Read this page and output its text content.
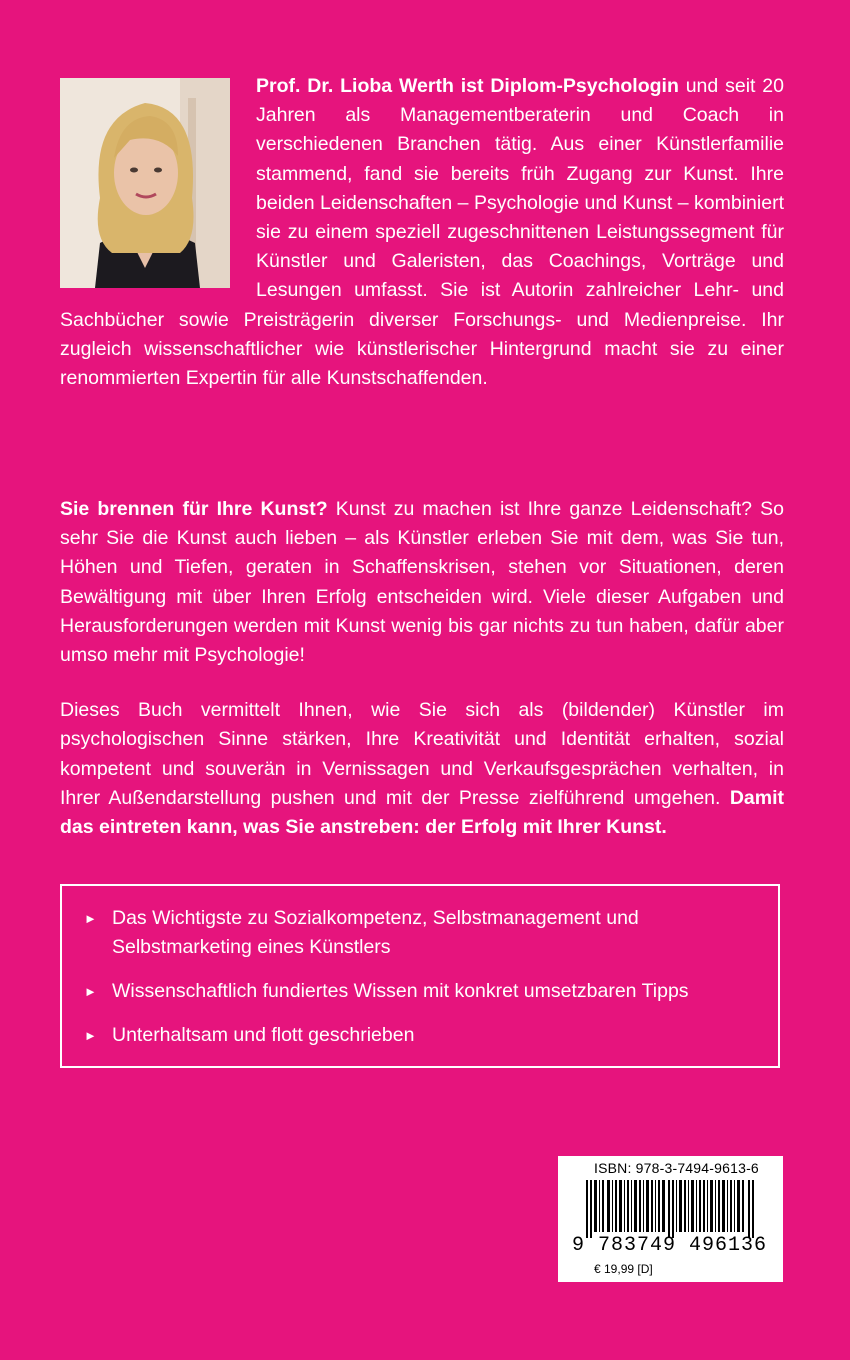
Prof. Dr. Lioba Werth ist Diplom-Psychologin und seit 20 Jahren als Managementberaterin und Coach in verschiedenen Branchen tätig. Aus einer Künstlerfamilie stammend, fand sie bereits früh Zugang zur Kunst. Ihre beiden Leidenschaften – Psychologie und Kunst – kombiniert sie zu einem speziell zugeschnittenen Leistungssegment für Künstler und Galeristen, das Coachings, Vorträge und Lesungen umfasst. Sie ist Autorin zahlreicher Lehr- und Sachbücher sowie Preisträgerin diverser Forschungs- und Medienpreise. Ihr zugleich wissenschaftlicher wie künstlerischer Hintergrund macht sie zu einer renommierten Expertin für alle Kunstschaffenden.

Sie brennen für Ihre Kunst? Kunst zu machen ist Ihre ganze Leidenschaft? So sehr Sie die Kunst auch lieben – als Künstler erleben Sie mit dem, was Sie tun, Höhen und Tiefen, geraten in Schaffenskrisen, stehen vor Situationen, deren Bewältigung mit über Ihren Erfolg entscheiden wird. Viele dieser Aufgaben und Herausforderungen werden mit Kunst wenig bis gar nichts zu tun haben, dafür aber umso mehr mit Psychologie!

Dieses Buch vermittelt Ihnen, wie Sie sich als (bildender) Künstler im psychologischen Sinne stärken, Ihre Kreativität und Identität erhalten, sozial kompetent und souverän in Vernissagen und Verkaufsgesprächen verhalten, in Ihrer Außendarstellung pushen und mit der Presse zielführend umgehen. Damit das eintreten kann, was Sie anstreben: der Erfolg mit Ihrer Kunst.

► Das Wichtigste zu Sozialkompetenz, Selbstmanagement und Selbstmarketing eines Künstlers
► Wissenschaftlich fundiertes Wissen mit konkret umsetzbaren Tipps
► Unterhaltsam und flott geschrieben
ISBN: 978-3-7494-9613-6
9 783749 496136
€ 19,99 [D]
